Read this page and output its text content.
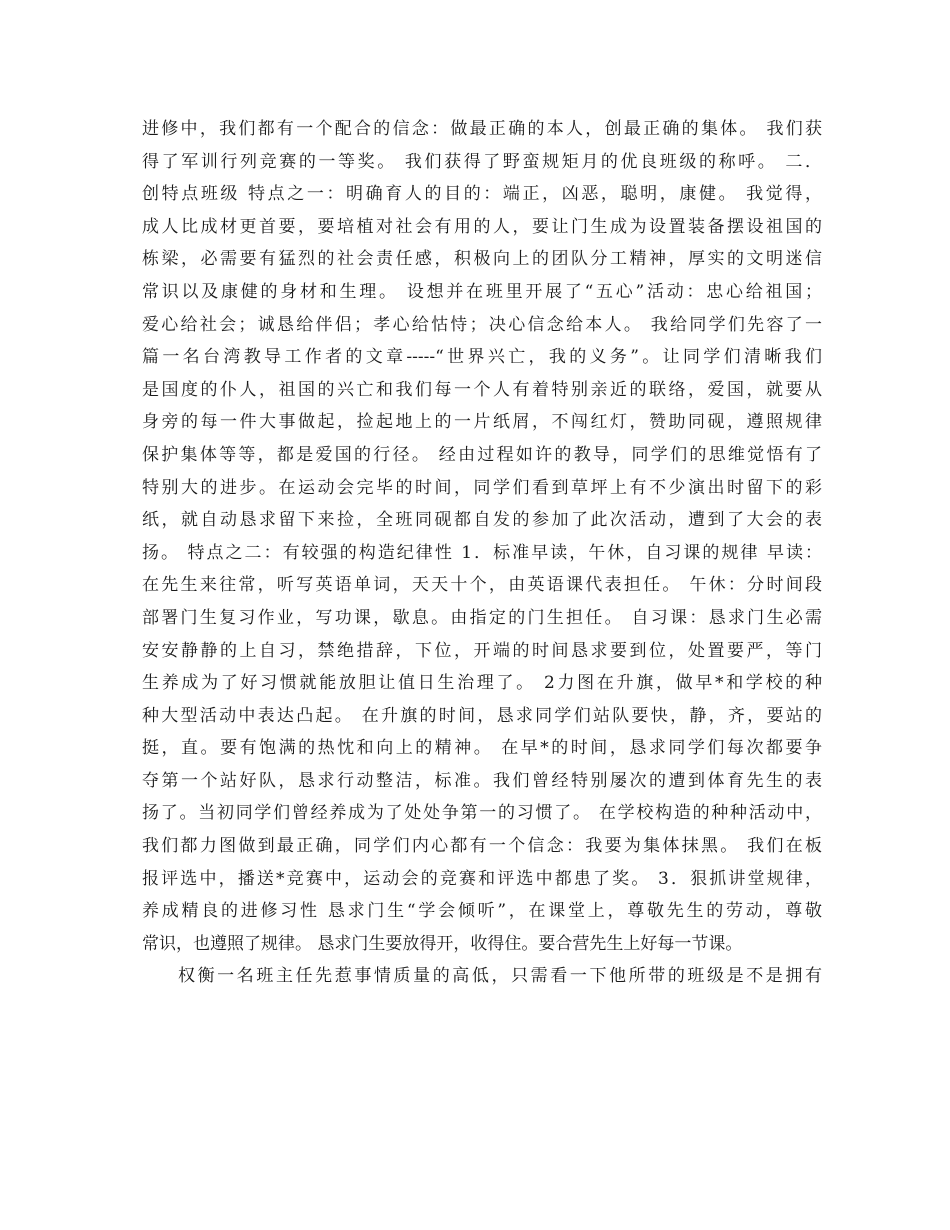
进修中，我们都有一个配合的信念：做最正确的本人，创最正确的集体。 我们获
得了军训行列竞赛的一等奖。 我们获得了野蛮规矩月的优良班级的称呼。 二．
创特点班级 特点之一：明确育人的目的：端正，凶恶，聪明，康健。 我觉得，
成人比成材更首要，要培植对社会有用的人，要让门生成为设置装备摆设祖国的
栋梁，必需要有猛烈的社会责任感，积极向上的团队分工精神，厚实的文明迷信
常识以及康健的身材和生理。 设想并在班里开展了“五心”活动：忠心给祖国；
爱心给社会；诚恳给伴侣；孝心给怙恃；决心信念给本人。 我给同学们先容了一
篇一名台湾教导工作者的文章-----“世界兴亡，我的义务”。让同学们清晰我们
是国度的仆人，祖国的兴亡和我们每一个人有着特别亲近的联络，爱国，就要从
身旁的每一件大事做起，捡起地上的一片纸屑，不闯红灯，赞助同砚，遵照规律
保护集体等等，都是爱国的行径。 经由过程如许的教导，同学们的思维觉悟有了
特别大的进步。在运动会完毕的时间，同学们看到草坪上有不少演出时留下的彩
纸，就自动恳求留下来捡，全班同砚都自发的参加了此次活动，遭到了大会的表
扬。 特点之二：有较强的构造纪律性 1．标准早读，午休，自习课的规律 早读：
在先生来往常，听写英语单词，天天十个，由英语课代表担任。 午休：分时间段
部署门生复习作业，写功课，歇息。由指定的门生担任。 自习课：恳求门生必需
安安静静的上自习，禁绝措辞，下位，开端的时间恳求要到位，处置要严，等门
生养成为了好习惯就能放胆让值日生治理了。 2力图在升旗，做早*和学校的种
种大型活动中表达凸起。 在升旗的时间，恳求同学们站队要快，静，齐，要站的
挺，直。要有饱满的热忱和向上的精神。 在早*的时间，恳求同学们每次都要争
夺第一个站好队，恳求行动整洁，标准。我们曾经特别屡次的遭到体育先生的表
扬了。当初同学们曾经养成为了处处争第一的习惯了。 在学校构造的种种活动中，
我们都力图做到最正确，同学们内心都有一个信念：我要为集体抹黑。 我们在板
报评选中，播送*竞赛中，运动会的竞赛和评选中都患了奖。 3．狠抓讲堂规律，
养成精良的进修习性 恳求门生“学会倾听”，在课堂上，尊敬先生的劳动，尊敬
常识，也遵照了规律。 恳求门生要放得开，收得住。要合营先生上好每一节课。
权衡一名班主任先惹事情质量的高低，只需看一下他所带的班级是不是拥有
